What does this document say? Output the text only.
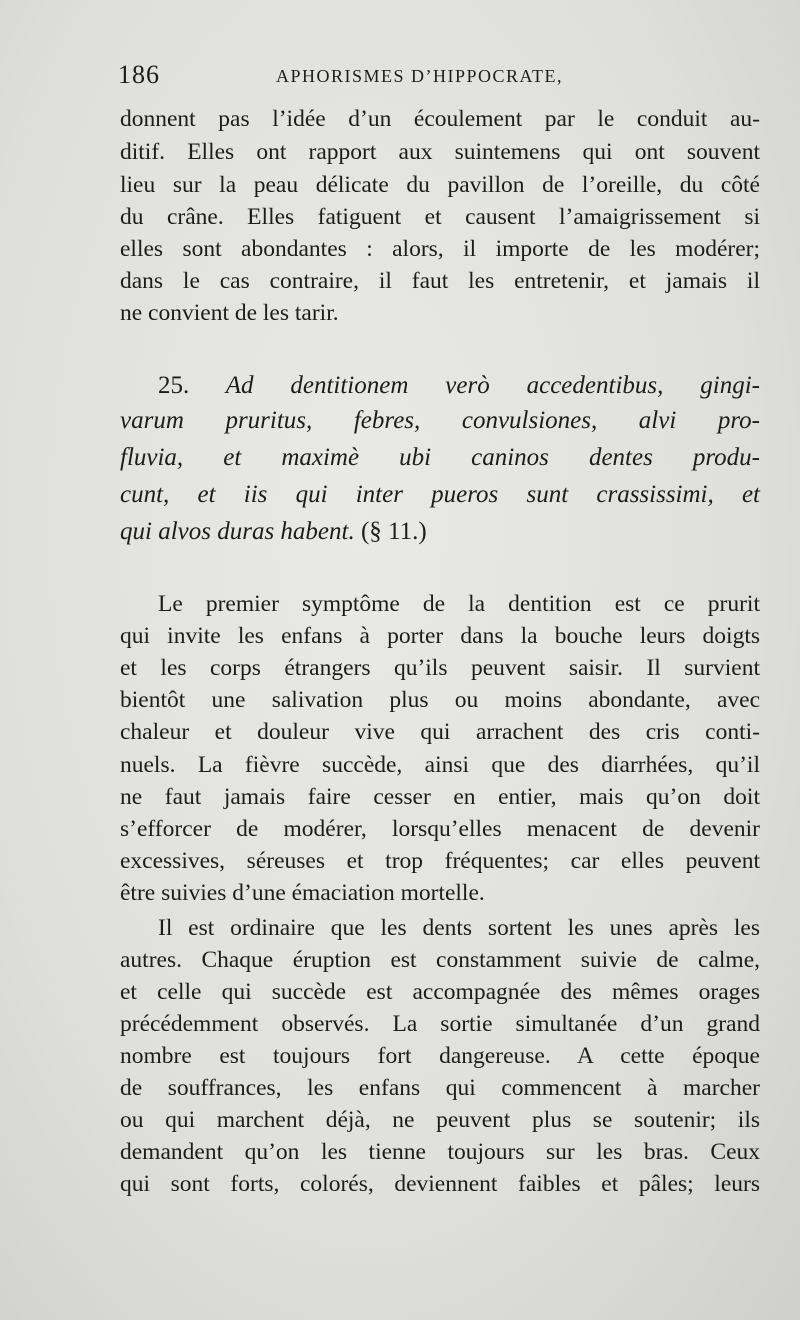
186	APHORISMES D’HIPPOCRATE,
donnent pas l’idée d’un écoulement par le conduit au-
ditif. Elles ont rapport aux suintemens qui ont souvent
lieu sur la peau délicate du pavillon de l’oreille, du côté
du crâne. Elles fatiguent et causent l’amaigrissement si
elles sont abondantes : alors, il importe de les modérer;
dans le cas contraire, il faut les entretenir, et jamais il
ne convient de les tarir.
25. Ad dentitionem verò accedentibus, gingi-
varum pruritus, febres, convulsiones, alvi pro-
fluvia, et maximè ubi caninos dentes produ-
cunt, et iis qui inter pueros sunt crassissimi, et
qui alvos duras habent. (§ 11.)
Le premier symptôme de la dentition est ce prurit
qui invite les enfans à porter dans la bouche leurs doigts
et les corps étrangers qu’ils peuvent saisir. Il survient
bientôt une salivation plus ou moins abondante, avec
chaleur et douleur vive qui arrachent des cris conti-
nuels. La fièvre succède, ainsi que des diarrhées, qu’il
ne faut jamais faire cesser en entier, mais qu’on doit
s’efforcer de modérer, lorsqu’elles menacent de devenir
excessives, séreuses et trop fréquentes; car elles peuvent
être suivies d’une émaciation mortelle.
Il est ordinaire que les dents sortent les unes après les
autres. Chaque éruption est constamment suivie de calme,
et celle qui succède est accompagnée des mêmes orages
précédemment observés. La sortie simultanée d’un grand
nombre est toujours fort dangereuse. A cette époque
de souffrances, les enfans qui commencent à marcher
ou qui marchent déjà, ne peuvent plus se soutenir; ils
demandent qu’on les tienne toujours sur les bras. Ceux
qui sont forts, colorés, deviennent faibles et pâles; leurs
